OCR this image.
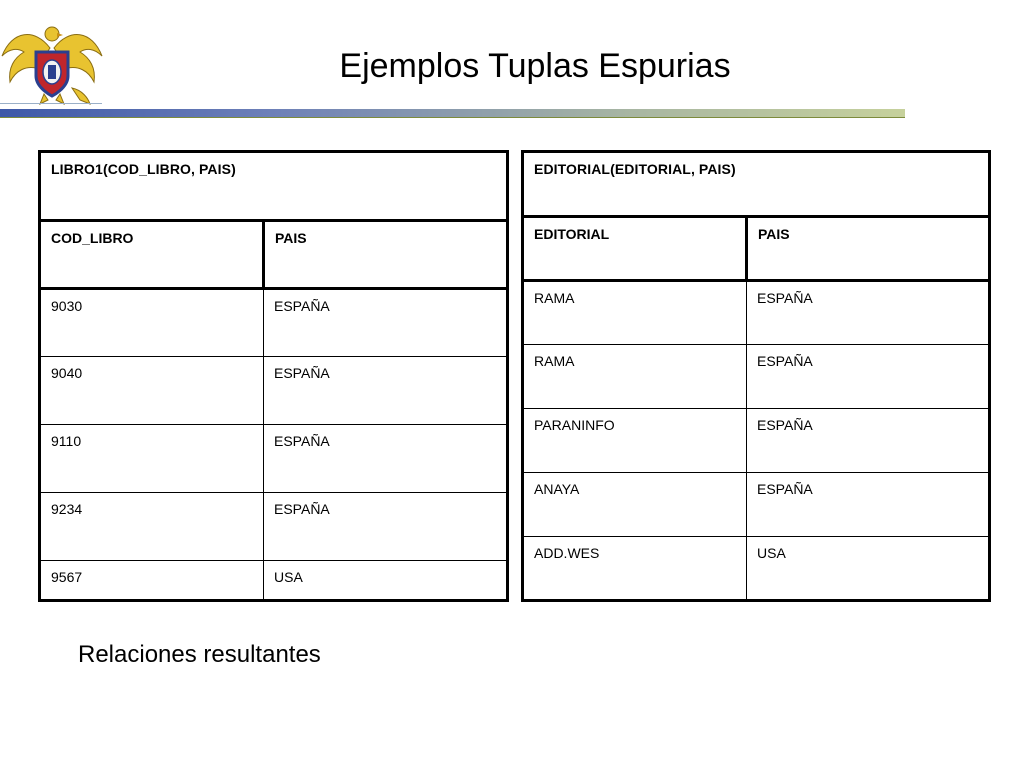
Ejemplos Tuplas Espurias
LIBRO1(COD_LIBRO, PAIS)	
COD_LIBRO	PAIS
9030	ESPAÑA
9040	ESPAÑA
9110	ESPAÑA
9234	ESPAÑA
9567	USA
EDITORIAL(EDITORIAL, PAIS)	
EDITORIAL	PAIS
RAMA	ESPAÑA
RAMA	ESPAÑA
PARANINFO	ESPAÑA
ANAYA	ESPAÑA
ADD.WES	USA
Relaciones resultantes
